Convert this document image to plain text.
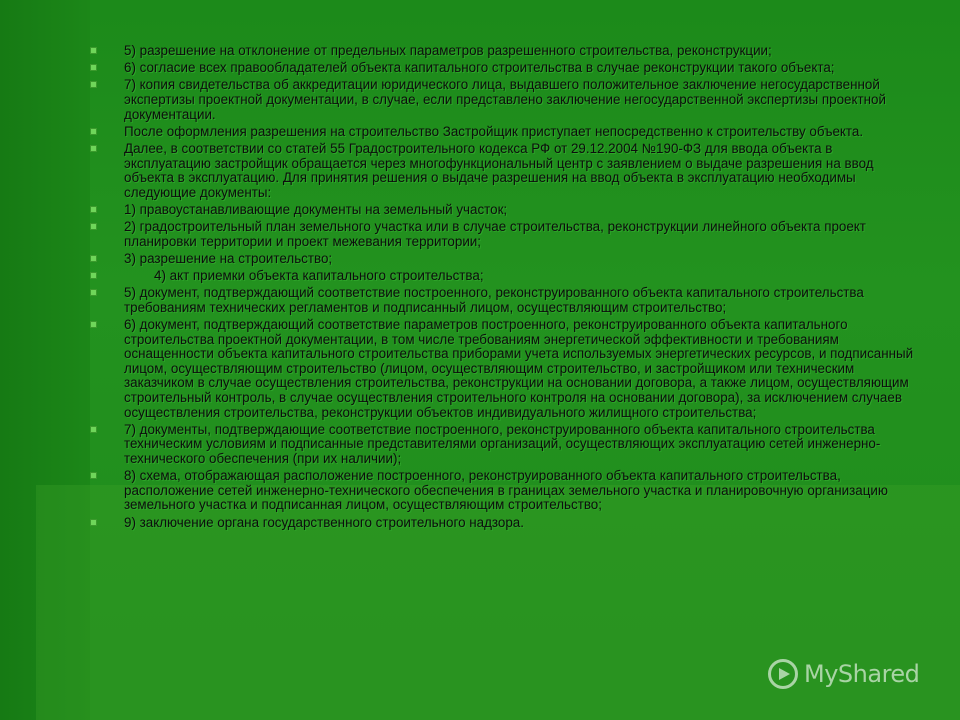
5) разрешение на отклонение от предельных параметров разрешенного строительства, реконструкции;
6) согласие всех правообладателей объекта капитального строительства в случае реконструкции такого объекта;
7) копия свидетельства об аккредитации юридического лица, выдавшего положительное заключение негосударственной экспертизы проектной документации, в случае, если представлено заключение негосударственной экспертизы проектной документации.
После оформления разрешения на строительство Застройщик приступает непосредственно к строительству объекта.
Далее, в соответствии со статей 55 Градостроительного кодекса РФ от 29.12.2004 №190-ФЗ для ввода объекта в эксплуатацию застройщик обращается через многофункциональный центр с заявлением о выдаче разрешения на ввод объекта в эксплуатацию. Для принятия решения о выдаче разрешения на ввод объекта в эксплуатацию необходимы следующие документы:
1) правоустанавливающие документы на земельный участок;
2) градостроительный план земельного участка или в случае строительства, реконструкции линейного объекта проект планировки территории и проект межевания территории;
3) разрешение на строительство;
4) акт приемки объекта капитального строительства;
5) документ, подтверждающий соответствие построенного, реконструированного объекта капитального строительства требованиям технических регламентов и подписанный лицом, осуществляющим строительство;
6) документ, подтверждающий соответствие параметров построенного, реконструированного объекта капитального строительства проектной документации, в том числе требованиям энергетической эффективности и требованиям оснащенности объекта капитального строительства приборами учета используемых энергетических ресурсов, и подписанный лицом, осуществляющим строительство (лицом, осуществляющим строительство, и застройщиком или техническим заказчиком в случае осуществления строительства, реконструкции на основании договора, а также лицом, осуществляющим строительный контроль, в случае осуществления строительного контроля на основании договора), за исключением случаев осуществления строительства, реконструкции объектов индивидуального жилищного строительства;
7) документы, подтверждающие соответствие построенного, реконструированного объекта капитального строительства техническим условиям и подписанные представителями организаций, осуществляющих эксплуатацию сетей инженерно-технического обеспечения (при их наличии);
8) схема, отображающая расположение построенного, реконструированного объекта капитального строительства, расположение сетей инженерно-технического обеспечения в границах земельного участка и планировочную организацию земельного участка и подписанная лицом, осуществляющим строительство;
9) заключение органа государственного строительного надзора.
MyShared
